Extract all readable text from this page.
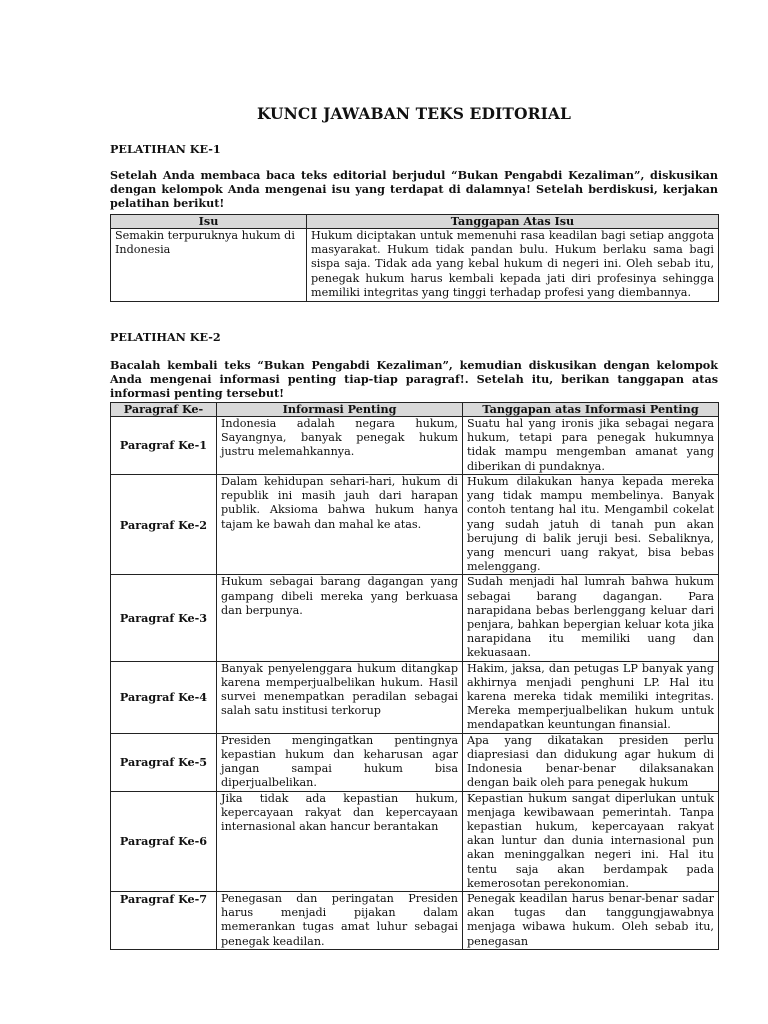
KUNCI JAWABAN TEKS EDITORIAL
PELATIHAN KE-1

Setelah Anda membaca baca teks editorial berjudul “Bukan Pengabdi Kezaliman”, diskusikan dengan kelompok Anda mengenai isu yang terdapat di dalamnya! Setelah berdiskusi, kerjakan pelatihan berikut!

Isu	Tanggapan Atas Isu
Semakin terpuruknya hukum di Indonesia	Hukum diciptakan untuk memenuhi rasa keadilan bagi setiap anggota masyarakat. Hukum tidak pandan bulu. Hukum berlaku sama bagi sispa saja. Tidak ada yang kebal hukum di negeri ini. Oleh sebab itu, penegak hukum harus kembali kepada jati diri profesinya sehingga memiliki integritas yang tinggi terhadap profesi yang diembannya.
PELATIHAN KE-2

Bacalah kembali teks “Bukan Pengabdi Kezaliman”, kemudian diskusikan dengan kelompok Anda mengenai informasi penting tiap-tiap paragraf!. Setelah itu, berikan tanggapan atas informasi penting tersebut!

Paragraf Ke-	Informasi Penting	Tanggapan atas Informasi Penting
Paragraf Ke-1	Indonesia adalah negara hukum, Sayangnya, banyak penegak hukum justru melemahkannya.	Suatu hal yang ironis jika sebagai negara hukum, tetapi para penegak hukumnya tidak mampu mengemban amanat yang diberikan di pundaknya.
Paragraf Ke-2	Dalam kehidupan sehari-hari, hukum di republik ini masih jauh dari harapan publik. Aksioma bahwa hukum hanya tajam ke bawah dan mahal ke atas.	Hukum dilakukan hanya kepada mereka yang tidak mampu membelinya. Banyak contoh tentang hal itu. Mengambil cokelat yang sudah jatuh di tanah pun akan berujung di balik jeruji besi. Sebaliknya, yang mencuri uang rakyat, bisa bebas melenggang.
Paragraf Ke-3	Hukum sebagai barang dagangan yang gampang dibeli mereka yang berkuasa dan berpunya.	Sudah menjadi hal lumrah bahwa hukum sebagai barang dagangan. Para narapidana bebas berlenggang keluar dari penjara, bahkan bepergian keluar kota jika narapidana itu memiliki uang dan kekuasaan.
Paragraf Ke-4	Banyak penyelenggara hukum ditangkap karena memperjualbelikan hukum. Hasil survei menempatkan peradilan sebagai salah satu institusi terkorup	Hakim, jaksa, dan petugas LP banyak yang akhirnya menjadi penghuni LP. Hal itu karena mereka tidak memiliki integritas. Mereka memperjualbelikan hukum untuk mendapatkan keuntungan finansial.
Paragraf Ke-5	Presiden mengingatkan pentingnya kepastian hukum dan keharusan agar jangan sampai hukum bisa diperjualbelikan.	Apa yang dikatakan presiden perlu diapresiasi dan didukung agar hukum di Indonesia benar-benar dilaksanakan dengan baik oleh para penegak hukum
Paragraf Ke-6	Jika tidak ada kepastian hukum, kepercayaan rakyat dan kepercayaan internasional akan hancur berantakan	Kepastian hukum sangat diperlukan untuk menjaga kewibawaan pemerintah. Tanpa kepastian hukum, kepercayaan rakyat akan luntur dan dunia internasional pun akan meninggalkan negeri ini. Hal itu tentu saja akan berdampak pada kemerosotan perekonomian.
Paragraf Ke-7	Penegasan dan peringatan Presiden harus menjadi pijakan dalam memerankan tugas amat luhur sebagai penegak keadilan.	Penegak keadilan harus benar-benar sadar akan tugas dan tanggungjawabnya menjaga wibawa hukum. Oleh sebab itu, penegasan
